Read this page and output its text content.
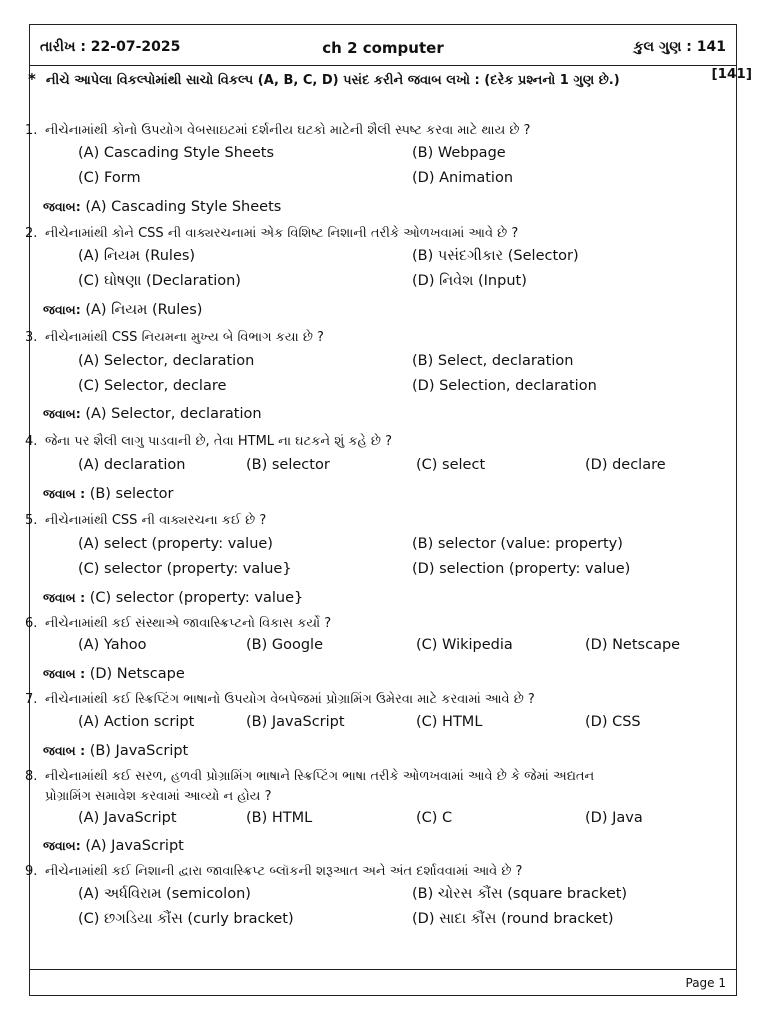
તારીખ : 22-07-2025	ch 2 computer	કુલ ગુણ : 141
Page 1
* નીચે આપેલા વિકલ્પોમાંથી સાચો વિકલ્પ (A, B, C, D) પસંદ કરીને જવાબ લખો : (દરેક પ્રશ્નનો 1 ગુણ છે.)	[141]
1. નીચેનામાંથી કોનો ઉપયોગ વેબસાઇટમાં દર્શનીય ઘટકો માટેની શૈલી સ્પષ્ટ કરવા માટે થાય છે ?
(A) Cascading Style Sheets	(B) Webpage
(C) Form	(D) Animation
જવાબ: (A) Cascading Style Sheets
2. નીચેનામાંથી કોને CSS ની વાક્યરચનામાં એક વિશિષ્ટ નિશાની તરીકે ઓળખવામાં આવે છે ?
(A) નિયમ (Rules)	(B) પસંદગીકાર (Selector)
(C) ઘોષણા (Declaration)	(D) નિવેશ (Input)
જવાબ: (A) નિયમ (Rules)
3. નીચેનામાંથી CSS નિયમના મુખ્ય બે વિભાગ કયા છે ?
(A) Selector, declaration	(B) Select, declaration
(C) Selector, declare	(D) Selection, declaration
જવાબ: (A) Selector, declaration
4. જેના પર શૈલી લાગુ પાડવાની છે, તેવા HTML ના ઘટકને શું કહે છે ?
(A) declaration	(B) selector	(C) select	(D) declare
જવાબ : (B) selector
5. નીચેનામાંથી CSS ની વાક્યરચના કઈ છે ?
(A) select (property: value)	(B) selector (value: property)
(C) selector (property: value}	(D) selection (property: value)
જવાબ : (C) selector (property: value}
6. નીચેનામાંથી કઈ સંસ્થાએ જાવાસ્ક્રિપ્ટનો વિકાસ કર્યો ?
(A) Yahoo	(B) Google	(C) Wikipedia	(D) Netscape
જવાબ : (D) Netscape
7. નીચેનામાંથી કઈ સ્ક્રિપ્ટિંગ ભાષાનો ઉપયોગ વેબપેજમાં પ્રોગ્રામિંગ ઉમેરવા માટે કરવામાં આવે છે ?
(A) Action script	(B) JavaScript	(C) HTML	(D) CSS
જવાબ : (B) JavaScript
8. નીચેનામાંથી કઈ સરળ, હળવી પ્રોગ્રામિંગ ભાષાને સ્ક્રિપ્ટિંગ ભાષા તરીકે ઓળખવામાં આવે છે કે જેમાં અદ્યતન
પ્રોગ્રામિંગ સમાવેશ કરવામાં આવ્યો ન હોય ?
(A) JavaScript	(B) HTML	(C) C	(D) Java
જવાબ: (A) JavaScript
9. નીચેનામાંથી કઈ નિશાની દ્વારા જાવાસ્ક્રિપ્ટ બ્લૉકની શરૂઆત અને અંત દર્શાવવામાં આવે છે ?
(A) અર્ધવિરામ (semicolon)	(B) ચોરસ કૌંસ (square bracket)
(C) છગડિયા કૌંસ (curly bracket)	(D) સાદા કૌંસ (round bracket)
